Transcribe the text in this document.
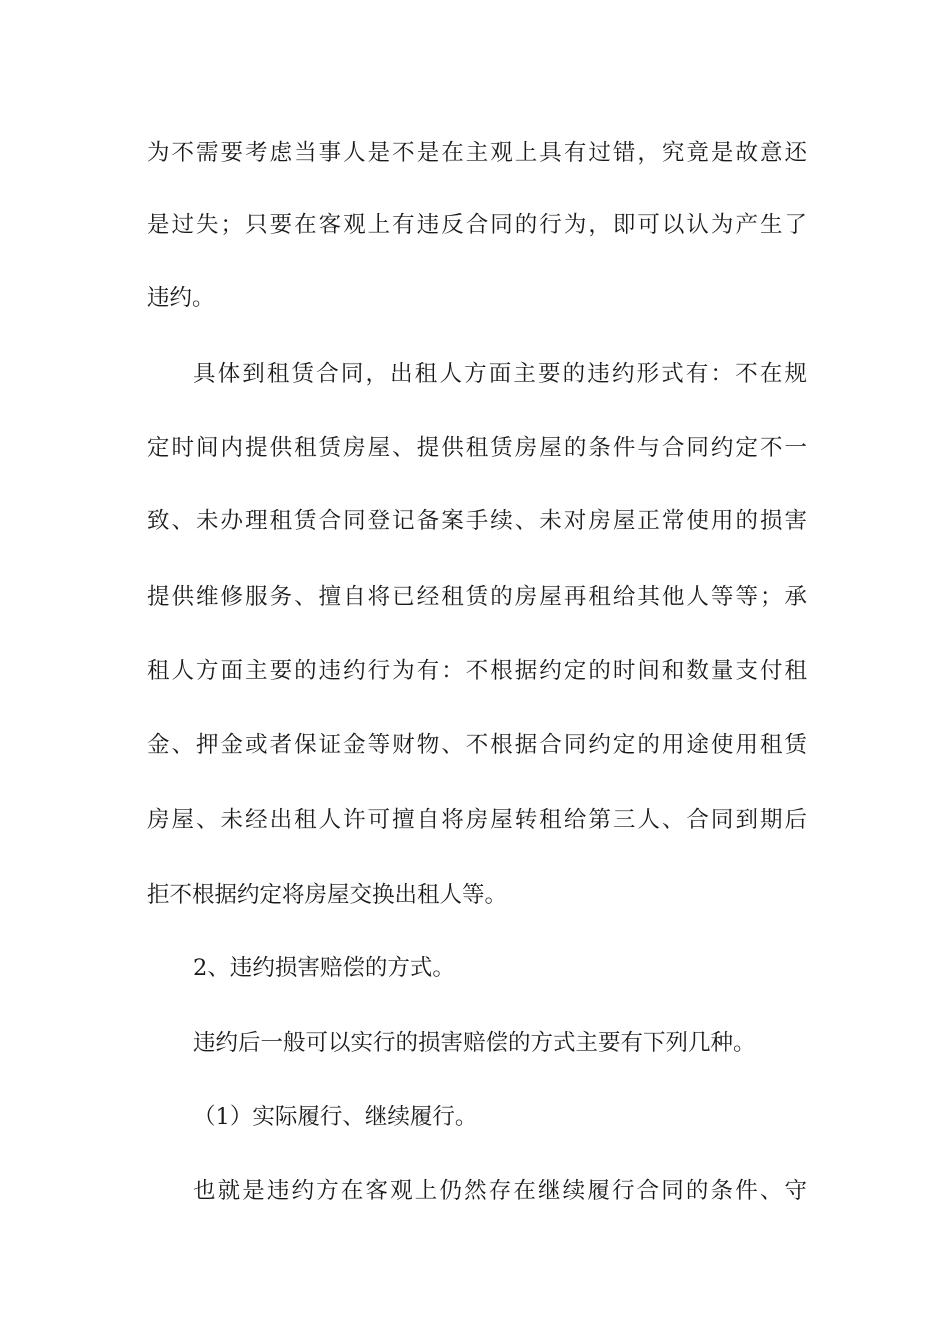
为不需要考虑当事人是不是在主观上具有过错，究竟是故意还
是过失；只要在客观上有违反合同的行为，即可以认为产生了
违约。
具体到租赁合同，出租人方面主要的违约形式有：不在规
定时间内提供租赁房屋、提供租赁房屋的条件与合同约定不一
致、未办理租赁合同登记备案手续、未对房屋正常使用的损害
提供维修服务、擅自将已经租赁的房屋再租给其他人等等；承
租人方面主要的违约行为有：不根据约定的时间和数量支付租
金、押金或者保证金等财物、不根据合同约定的用途使用租赁
房屋、未经出租人许可擅自将房屋转租给第三人、合同到期后
拒不根据约定将房屋交换出租人等。
2、违约损害赔偿的方式。
违约后一般可以实行的损害赔偿的方式主要有下列几种。
（1）实际履行、继续履行。
也就是违约方在客观上仍然存在继续履行合同的条件、守
